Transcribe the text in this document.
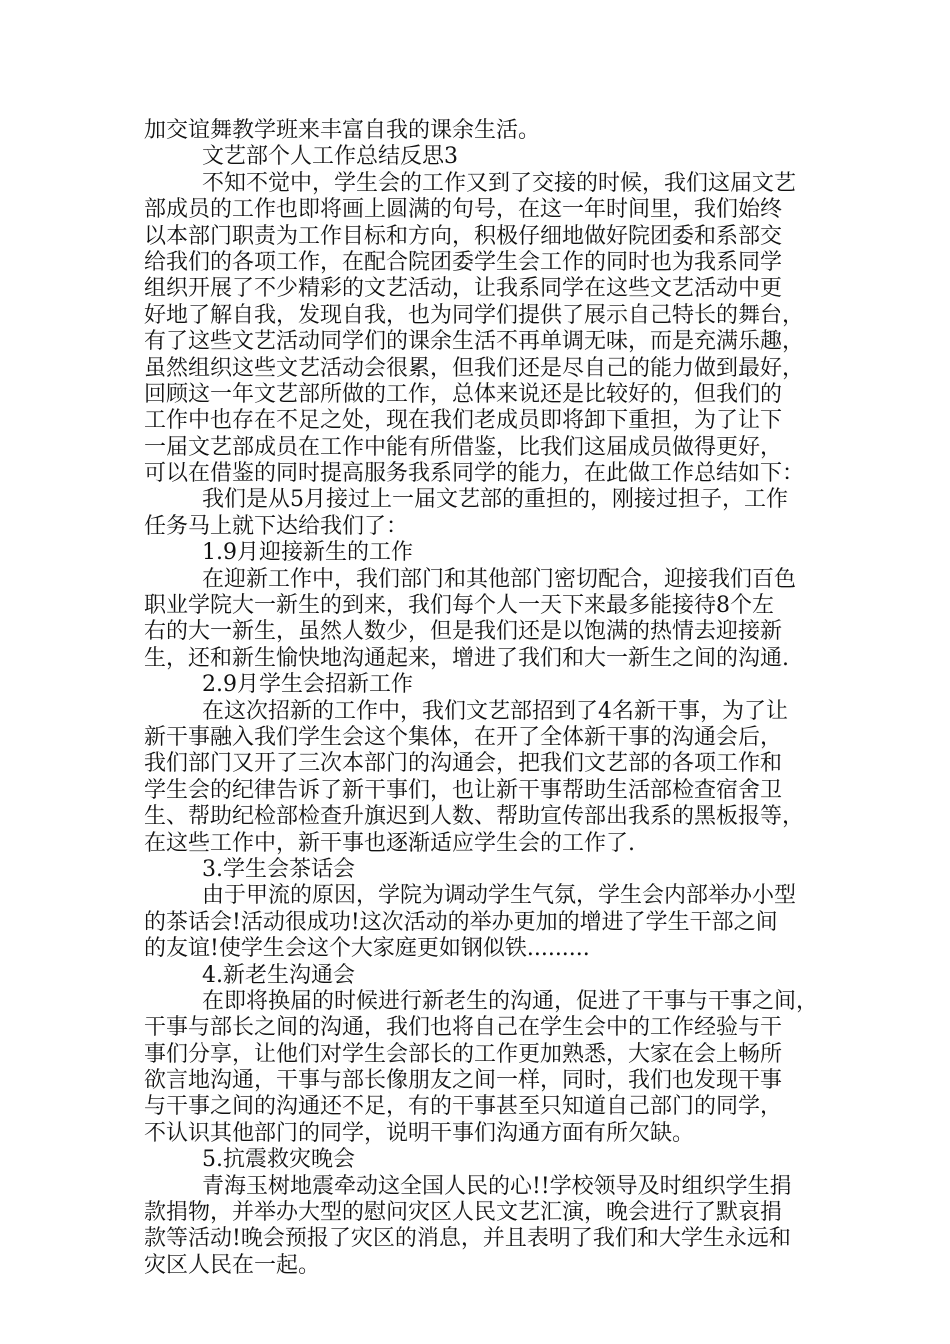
加交谊舞教学班来丰富自我的课余生活。
文艺部个人工作总结反思3
不知不觉中，学生会的工作又到了交接的时候，我们这届文艺
部成员的工作也即将画上圆满的句号，在这一年时间里，我们始终
以本部门职责为工作目标和方向，积极仔细地做好院团委和系部交
给我们的各项工作，在配合院团委学生会工作的同时也为我系同学
组织开展了不少精彩的文艺活动，让我系同学在这些文艺活动中更
好地了解自我，发现自我，也为同学们提供了展示自己特长的舞台，
有了这些文艺活动同学们的课余生活不再单调无味，而是充满乐趣，
虽然组织这些文艺活动会很累，但我们还是尽自己的能力做到最好，
回顾这一年文艺部所做的工作，总体来说还是比较好的，但我们的
工作中也存在不足之处，现在我们老成员即将卸下重担，为了让下
一届文艺部成员在工作中能有所借鉴，比我们这届成员做得更好，
可以在借鉴的同时提高服务我系同学的能力，在此做工作总结如下：
我们是从5月接过上一届文艺部的重担的，刚接过担子，工作
任务马上就下达给我们了：
1.9月迎接新生的工作
在迎新工作中，我们部门和其他部门密切配合，迎接我们百色
职业学院大一新生的到来，我们每个人一天下来最多能接待8个左
右的大一新生，虽然人数少，但是我们还是以饱满的热情去迎接新
生，还和新生愉快地沟通起来，增进了我们和大一新生之间的沟通.
2.9月学生会招新工作
在这次招新的工作中，我们文艺部招到了4名新干事，为了让
新干事融入我们学生会这个集体，在开了全体新干事的沟通会后，
我们部门又开了三次本部门的沟通会，把我们文艺部的各项工作和
学生会的纪律告诉了新干事们，也让新干事帮助生活部检查宿舍卫
生、帮助纪检部检查升旗迟到人数、帮助宣传部出我系的黑板报等，
在这些工作中，新干事也逐渐适应学生会的工作了.
3.学生会茶话会
由于甲流的原因，学院为调动学生气氛，学生会内部举办小型
的茶话会!活动很成功!这次活动的举办更加的增进了学生干部之间
的友谊!使学生会这个大家庭更如钢似铁.........
4.新老生沟通会
在即将换届的时候进行新老生的沟通，促进了干事与干事之间，
干事与部长之间的沟通，我们也将自己在学生会中的工作经验与干
事们分享，让他们对学生会部长的工作更加熟悉，大家在会上畅所
欲言地沟通，干事与部长像朋友之间一样，同时，我们也发现干事
与干事之间的沟通还不足，有的干事甚至只知道自己部门的同学，
不认识其他部门的同学，说明干事们沟通方面有所欠缺。
5.抗震救灾晚会
青海玉树地震牵动这全国人民的心!!学校领导及时组织学生捐
款捐物，并举办大型的慰问灾区人民文艺汇演，晚会进行了默哀捐
款等活动!晚会预报了灾区的消息，并且表明了我们和大学生永远和
灾区人民在一起。
